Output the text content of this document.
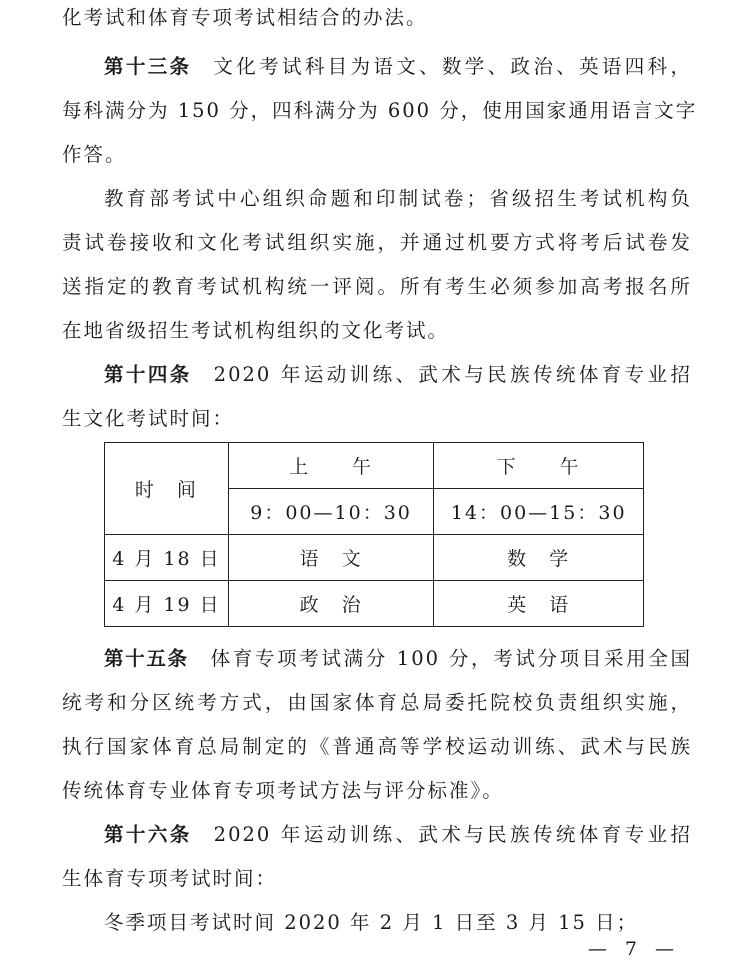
化考试和体育专项考试相结合的办法。
第十三条 文化考试科目为语文、数学、政治、英语四科，
每科满分为 150 分，四科满分为 600 分，使用国家通用语言文字
作答。
教育部考试中心组织命题和印制试卷；省级招生考试机构负
责试卷接收和文化考试组织实施，并通过机要方式将考后试卷发
送指定的教育考试机构统一评阅。所有考生必须参加高考报名所
在地省级招生考试机构组织的文化考试。
第十四条 2020 年运动训练、武术与民族传统体育专业招
生文化考试时间：
时　间	上　　午	下　　午
	9：00—10：30	14：00—15：30
4 月 18 日	语　文	数　学
4 月 19 日	政　治	英　语
第十五条 体育专项考试满分 100 分，考试分项目采用全国
统考和分区统考方式，由国家体育总局委托院校负责组织实施，
执行国家体育总局制定的《普通高等学校运动训练、武术与民族
传统体育专业体育专项考试方法与评分标准》。
第十六条 2020 年运动训练、武术与民族传统体育专业招
生体育专项考试时间：
冬季项目考试时间 2020 年 2 月 1 日至 3 月 15 日；
— 7 —
